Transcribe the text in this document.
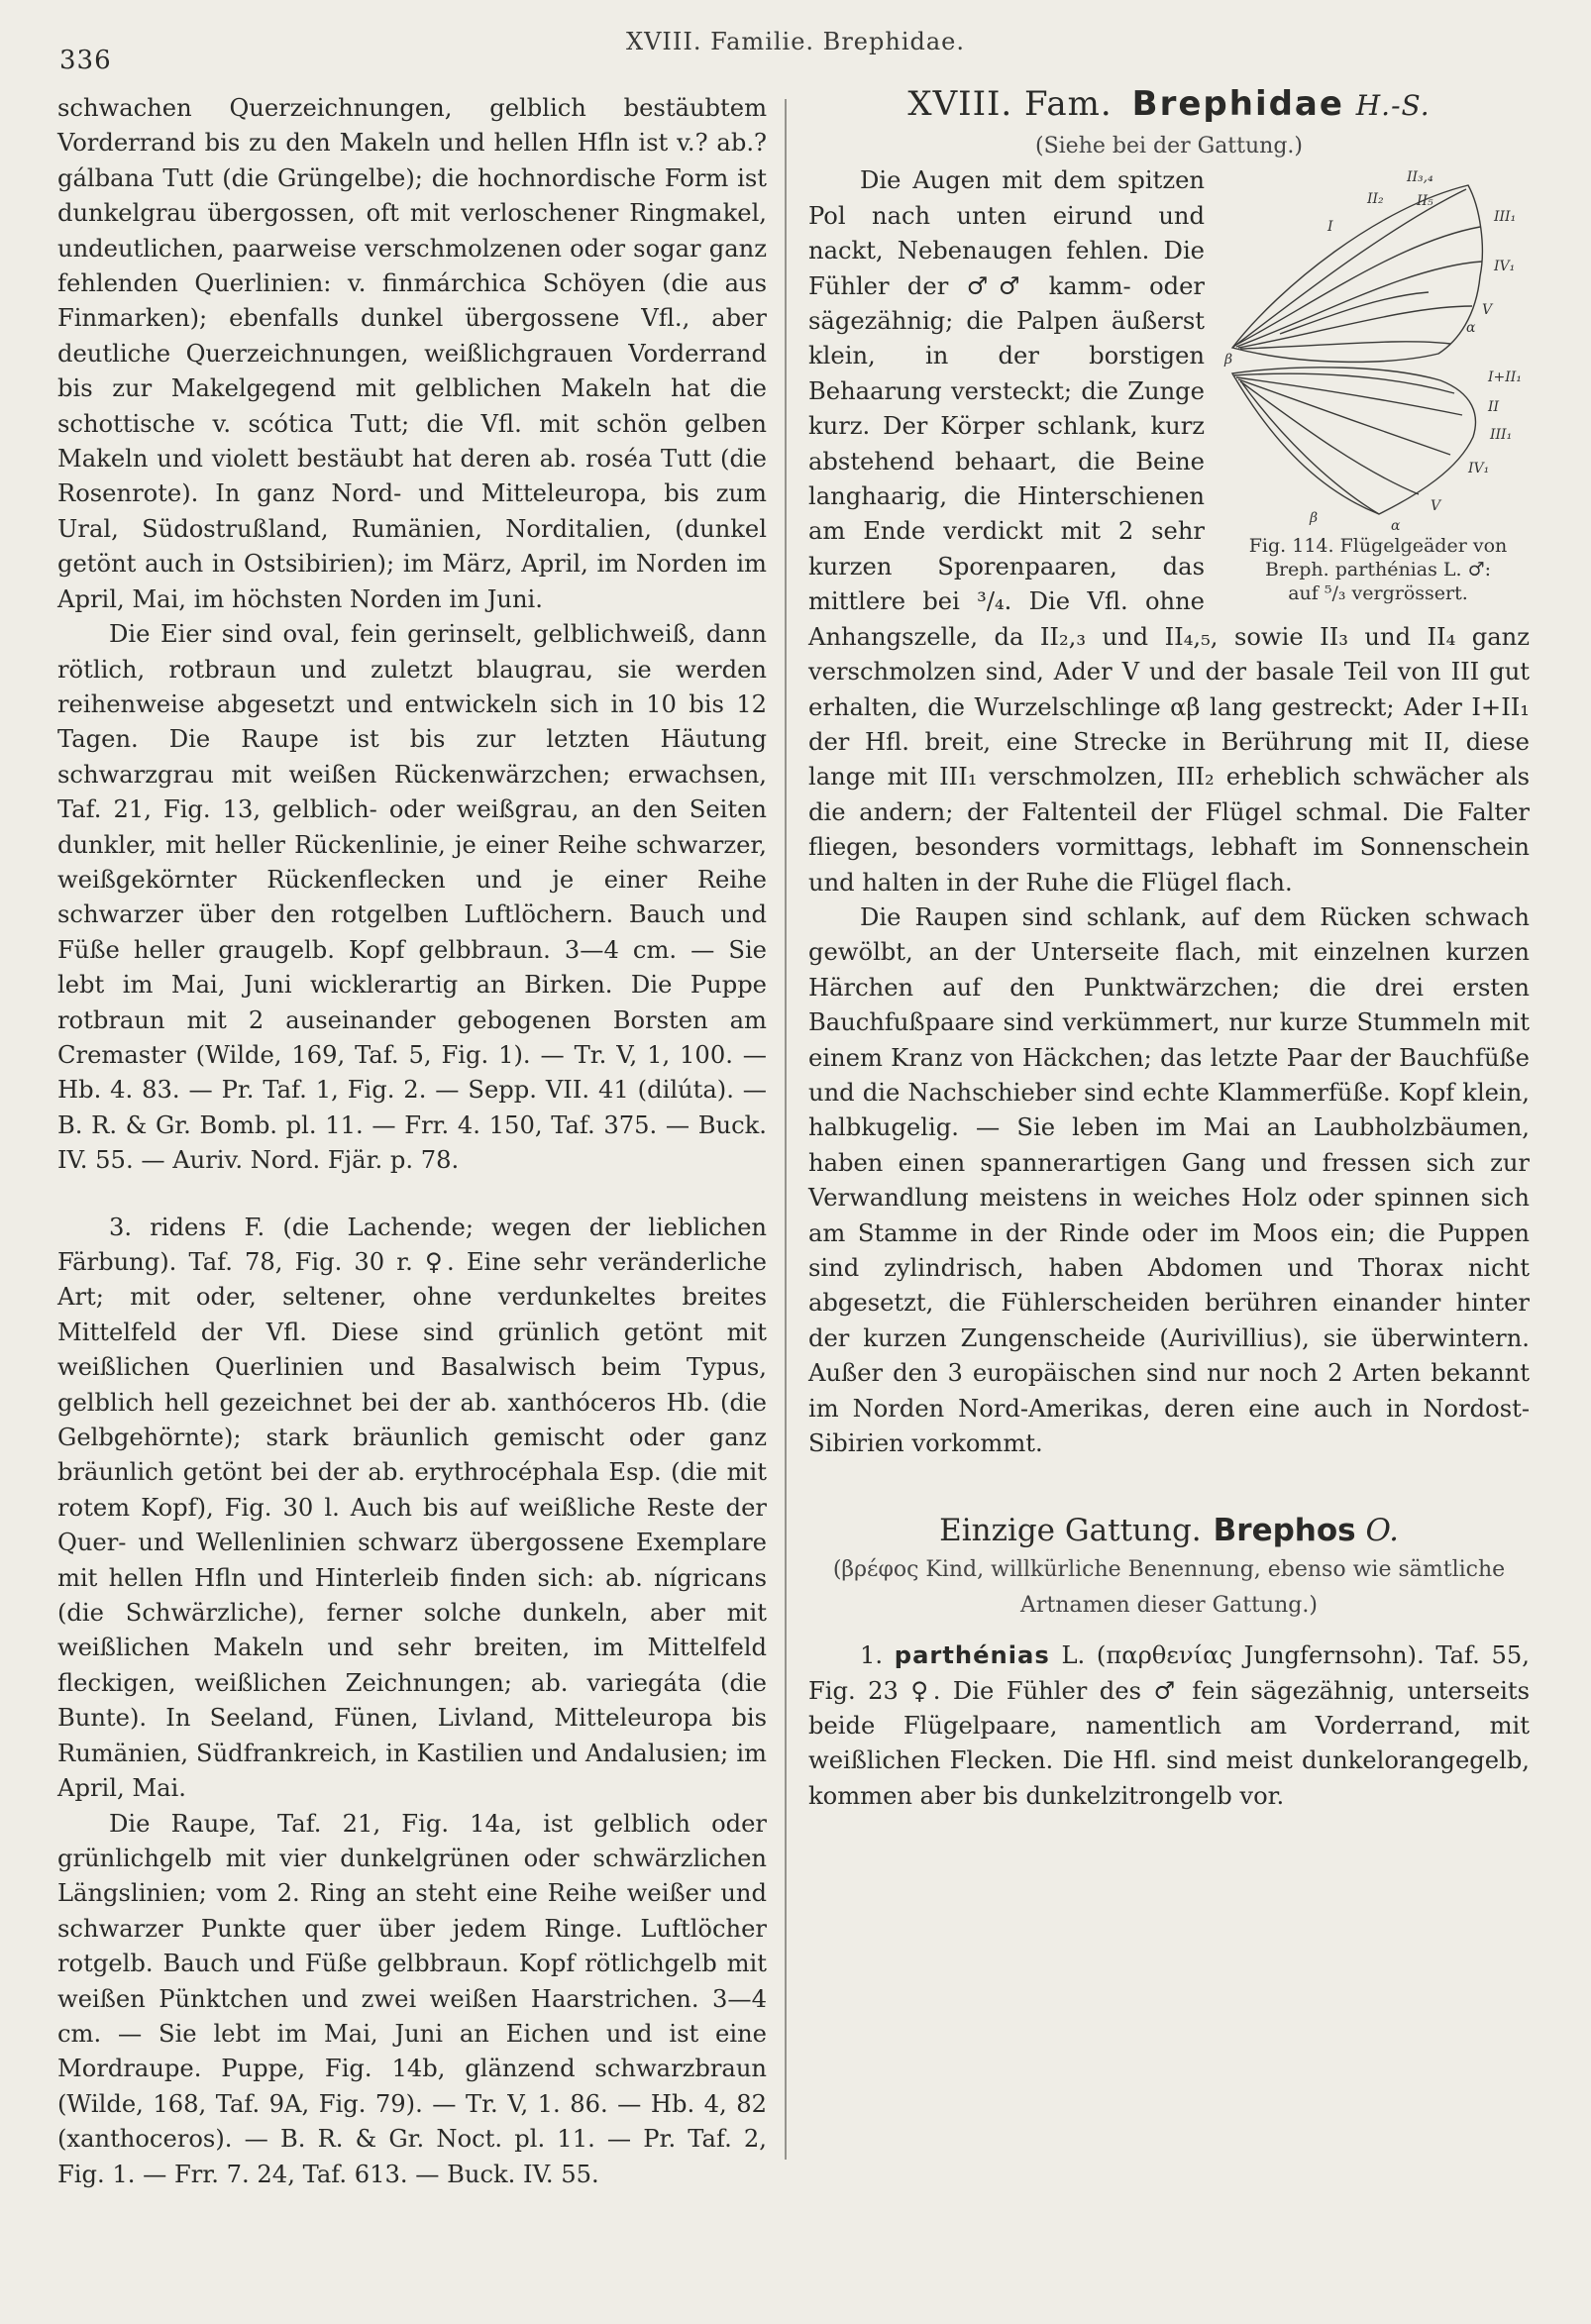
336
XVIII. Familie. Brephidae.

schwachen Querzeichnungen, gelblich bestäubtem Vorderrand bis zu den Makeln und hellen Hfln ist v.? ab.? gálbana Tutt (die Grüngelbe); die hochnordische Form ist dunkelgrau übergossen, oft mit verloschener Ringmakel, undeutlichen, paarweise verschmolzenen oder sogar ganz fehlenden Querlinien: v. finmárchica Schöyen (die aus Finmarken); ebenfalls dunkel übergossene Vfl., aber deutliche Querzeichnungen, weißlichgrauen Vorderrand bis zur Makelgegend mit gelblichen Makeln hat die schottische v. scótica Tutt; die Vfl. mit schön gelben Makeln und violett bestäubt hat deren ab. roséa Tutt (die Rosenrote). In ganz Nord- und Mitteleuropa, bis zum Ural, Südostrußland, Rumänien, Norditalien, (dunkel getönt auch in Ostsibirien); im März, April, im Norden im April, Mai, im höchsten Norden im Juni.

Die Eier sind oval, fein gerinselt, gelblichweiß, dann rötlich, rotbraun und zuletzt blaugrau, sie werden reihenweise abgesetzt und entwickeln sich in 10 bis 12 Tagen. Die Raupe ist bis zur letzten Häutung schwarzgrau mit weißen Rückenwärzchen; erwachsen, Taf. 21, Fig. 13, gelblich- oder weißgrau, an den Seiten dunkler, mit heller Rückenlinie, je einer Reihe schwarzer, weißgekörnter Rückenflecken und je einer Reihe schwarzer über den rotgelben Luftlöchern. Bauch und Füße heller graugelb. Kopf gelbbraun. 3—4 cm. — Sie lebt im Mai, Juni wicklerartig an Birken. Die Puppe rotbraun mit 2 auseinander gebogenen Borsten am Cremaster (Wilde, 169, Taf. 5, Fig. 1). — Tr. V, 1, 100. — Hb. 4. 83. — Pr. Taf. 1, Fig. 2. — Sepp. VII. 41 (dilúta). — B. R. & Gr. Bomb. pl. 11. — Frr. 4. 150, Taf. 375. — Buck. IV. 55. — Auriv. Nord. Fjär. p. 78.

3. ridens F. (die Lachende; wegen der lieblichen Färbung). Taf. 78, Fig. 30 r. ♀. Eine sehr veränderliche Art; mit oder, seltener, ohne verdunkeltes breites Mittelfeld der Vfl. Diese sind grünlich getönt mit weißlichen Querlinien und Basalwisch beim Typus, gelblich hell gezeichnet bei der ab. xanthóceros Hb. (die Gelbgehörnte); stark bräunlich gemischt oder ganz bräunlich getönt bei der ab. erythrocéphala Esp. (die mit rotem Kopf), Fig. 30 l. Auch bis auf weißliche Reste der Quer- und Wellenlinien schwarz übergossene Exemplare mit hellen Hfln und Hinterleib finden sich: ab. nígricans (die Schwärzliche), ferner solche dunkeln, aber mit weißlichen Makeln und sehr breiten, im Mittelfeld fleckigen, weißlichen Zeichnungen; ab. variegáta (die Bunte). In Seeland, Fünen, Livland, Mitteleuropa bis Rumänien, Südfrankreich, in Kastilien und Andalusien; im April, Mai.

Die Raupe, Taf. 21, Fig. 14a, ist gelblich oder grünlichgelb mit vier dunkelgrünen oder schwärzlichen Längslinien; vom 2. Ring an steht eine Reihe weißer und schwarzer Punkte quer über jedem Ringe. Luftlöcher rotgelb. Bauch und Füße gelbbraun. Kopf rötlichgelb mit weißen Pünktchen und zwei weißen Haarstrichen. 3—4 cm. — Sie lebt im Mai, Juni an Eichen und ist eine Mordraupe. Puppe, Fig. 14b, glänzend schwarzbraun (Wilde, 168, Taf. 9A, Fig. 79). — Tr. V, 1. 86. — Hb. 4, 82 (xanthoceros). — B. R. & Gr. Noct. pl. 11. — Pr. Taf. 2, Fig. 1. — Frr. 7. 24, Taf. 613. — Buck. IV. 55.

XVIII. Fam. Brephidae H.-S.
(Siehe bei der Gattung.)
II₃,₄
II₂ II₅
III₁
I
IV₁
V
α
β
I+II₁
II
III₁
IV₁
V
β	α
Fig. 114. Flügelgeäder von
Breph. parthénias L. ♂:
auf ⁵/₃ vergrössert.

Die Augen mit dem spitzen Pol nach unten eirund und nackt, Nebenaugen fehlen. Die Fühler der ♂♂ kamm- oder sägezähnig; die Palpen äußerst klein, in der borstigen Behaarung versteckt; die Zunge kurz. Der Körper schlank, kurz abstehend behaart, die Beine langhaarig, die Hinterschienen am Ende verdickt mit 2 sehr kurzen Sporenpaaren, das mittlere bei ³/₄. Die Vfl. ohne Anhangszelle, da II₂,₃ und II₄,₅, sowie II₃ und II₄ ganz verschmolzen sind, Ader V und der basale Teil von III gut erhalten, die Wurzelschlinge αβ lang gestreckt; Ader I+II₁ der Hfl. breit, eine Strecke in Berührung mit II, diese lange mit III₁ verschmolzen, III₂ erheblich schwächer als die andern; der Faltenteil der Flügel schmal. Die Falter fliegen, besonders vormittags, lebhaft im Sonnenschein und halten in der Ruhe die Flügel flach.

Die Raupen sind schlank, auf dem Rücken schwach gewölbt, an der Unterseite flach, mit einzelnen kurzen Härchen auf den Punktwärzchen; die drei ersten Bauchfußpaare sind verkümmert, nur kurze Stummeln mit einem Kranz von Häckchen; das letzte Paar der Bauchfüße und die Nachschieber sind echte Klammerfüße. Kopf klein, halbkugelig. — Sie leben im Mai an Laubholzbäumen, haben einen spannerartigen Gang und fressen sich zur Verwandlung meistens in weiches Holz oder spinnen sich am Stamme in der Rinde oder im Moos ein; die Puppen sind zylindrisch, haben Abdomen und Thorax nicht abgesetzt, die Fühlerscheiden berühren einander hinter der kurzen Zungenscheide (Aurivillius), sie überwintern. Außer den 3 europäischen sind nur noch 2 Arten bekannt im Norden Nord-Amerikas, deren eine auch in Nordost-Sibirien vorkommt.

Einzige Gattung. Brephos O.
(βρέφος Kind, willkürliche Benennung, ebenso wie sämtliche Artnamen dieser Gattung.)

1. parthénias L. (παρθενίας Jungfernsohn). Taf. 55, Fig. 23 ♀. Die Fühler des ♂ fein sägezähnig, unterseits beide Flügelpaare, namentlich am Vorderrand, mit weißlichen Flecken. Die Hfl. sind meist dunkelorangegelb, kommen aber bis dunkelzitrongelb vor.
